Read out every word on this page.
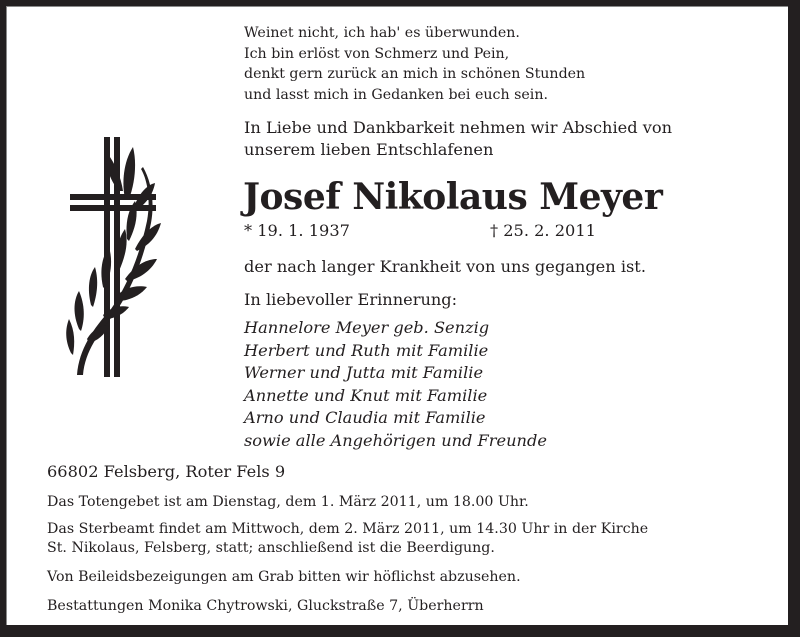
Weinet nicht, ich hab' es überwunden.
Ich bin erlöst von Schmerz und Pein,
denkt gern zurück an mich in schönen Stunden
und lasst mich in Gedanken bei euch sein.
In Liebe und Dankbarkeit nehmen wir Abschied von
unserem lieben Entschlafenen
Josef Nikolaus Meyer
* 19. 1. 1937	† 25. 2. 2011
der nach langer Krankheit von uns gegangen ist.
In liebevoller Erinnerung:
Hannelore Meyer geb. Senzig
Herbert und Ruth mit Familie
Werner und Jutta mit Familie
Annette und Knut mit Familie
Arno und Claudia mit Familie
sowie alle Angehörigen und Freunde
66802 Felsberg, Roter Fels 9
Das Totengebet ist am Dienstag, dem 1. März 2011, um 18.00 Uhr.
Das Sterbeamt findet am Mittwoch, dem 2. März 2011, um 14.30 Uhr in der Kirche
St. Nikolaus, Felsberg, statt; anschließend ist die Beerdigung.
Von Beileidsbezeigungen am Grab bitten wir höflichst abzusehen.
Bestattungen Monika Chytrowski, Gluckstraße 7, Überherrn
